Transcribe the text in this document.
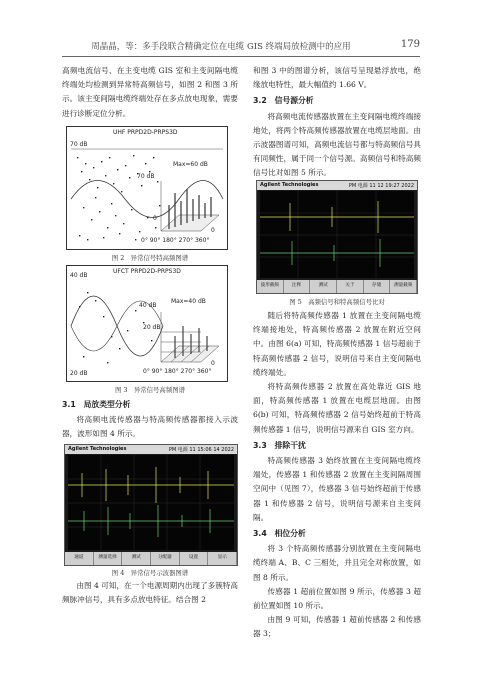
周晶晶，等：多手段联合精确定位在电缆 GIS 终端局放检测中的应用	179

高频电流信号、在主变电缆 GIS 室和主变间隔电缆终端处均检测到异常特高频信号，如图 2 和图 3 所示。该主变间隔电缆终端处存在多点放电现象，需要进行诊断定位分析。

UHF PRPD2D-PRPS3D
70 dB
70 dB
Max=60 dB
0
0
0° 90° 180° 270° 360°
图 2　异常信号特高频图谱
UFCT PRPD2D-PRPS3D
40 dB
40 dB
20 dB
Max=40 dB
20 dB
0
0° 90° 180° 270° 360°
图 3　异常信号高频图谱
3.1　局放类型分析

将高频电流传感器与特高频传感器都接入示波器，波形如图 4 所示。

Agilent Technologies	PM 电源 11 15:06 14 2022
通道	测量选择	测试	分配器	设置	显示
图 4　异常信号示波器图谱

由图 4 可知，在一个电源周期内出现了多簇特高频脉冲信号，具有多点放电特征。结合图 2

和图 3 中的图谱分析，该信号呈现悬浮放电，绝缘放电特性，最大幅值约 1.66 V。

3.2　信号源分析

将高频电流传感器放置在主变间隔电缆终端接地处，将两个特高频传感器放置在电缆层地面。由示波器图谱可知，高频电流信号都与特高频信号具有同频性，属于同一个信号源。高频信号和特高频信号比对如图 5 所示。

Agilent Technologies	PM 电源 11 12 19:27 2022
波形截频	注释	测试	关于	存储	测量截频
图 5　高频信号和特高频信号比对

随后将特高频传感器 1 放置在主变间隔电缆终端接地处，特高频传感器 2 放置在附近空间中。由图 6(a) 可知，特高频传感器 1 信号超前于特高频传感器 2 信号，说明信号来自主变间隔电缆终端处。

将特高频传感器 2 放置在高处靠近 GIS 地面，特高频传感器 1 放置在电缆层地面。由图 6(b) 可知，特高频传感器 2 信号始终超前于特高频传感器 1 信号，说明信号源来自 GIS 室方向。

3.3　排除干扰

特高频传感器 3 始终放置在主变间隔电缆终端处，传感器 1 和传感器 2 放置在主变间隔周围空间中（见图 7），传感器 3 信号始终超前于传感器 1 和传感器 2 信号，说明信号源来自主变间隔。

3.4　相位分析

将 3 个特高频传感器分别放置在主变间隔电缆终端 A、B、C 三相处，并且完全对称放置，如图 8 所示。

传感器 1 超前位置如图 9 所示，传感器 3 超前位置如图 10 所示。

由图 9 可知，传感器 1 超前传感器 2 和传感器 3；
